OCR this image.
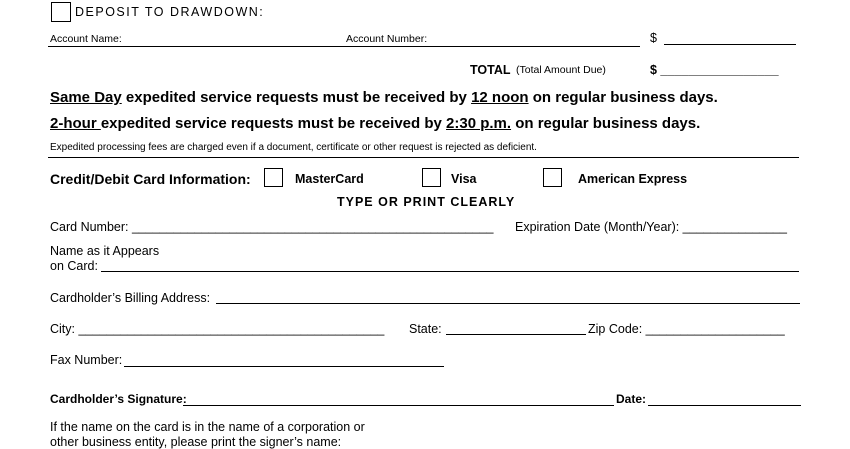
DEPOSIT TO DRAWDOWN:
Account Name:	Account Number:	$
TOTAL (Total Amount Due)	$ _________________
Same Day expedited service requests must be received by 12 noon on regular business days.
2-hour expedited service requests must be received by 2:30 p.m. on regular business days.
Expedited processing fees are charged even if a document, certificate or other request is rejected as deficient.
Credit/Debit Card Information:	MasterCard	Visa	American Express
TYPE OR PRINT CLEARLY
Card Number: ____________________________________________________ Expiration Date (Month/Year): _______________
Name as it Appears
on Card:
Cardholder’s Billing Address:
City: ____________________________________________ State:	Zip Code: ____________________
Fax Number:
Cardholder’s Signature:	Date:
If the name on the card is in the name of a corporation or
other business entity, please print the signer’s name:
